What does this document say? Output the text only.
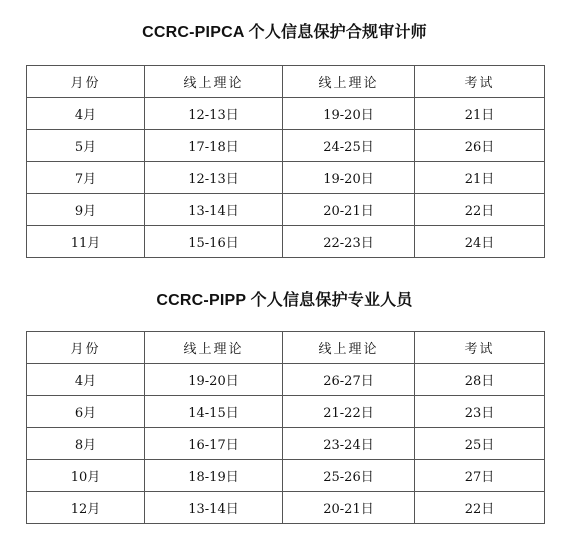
CCRC-PIPCA 个人信息保护合规审计师
月份	线上理论	线上理论	考试
4月	12-13日	19-20日	21日
5月	17-18日	24-25日	26日
7月	12-13日	19-20日	21日
9月	13-14日	20-21日	22日
11月	15-16日	22-23日	24日
CCRC-PIPP 个人信息保护专业人员
月份	线上理论	线上理论	考试
4月	19-20日	26-27日	28日
6月	14-15日	21-22日	23日
8月	16-17日	23-24日	25日
10月	18-19日	25-26日	27日
12月	13-14日	20-21日	22日
